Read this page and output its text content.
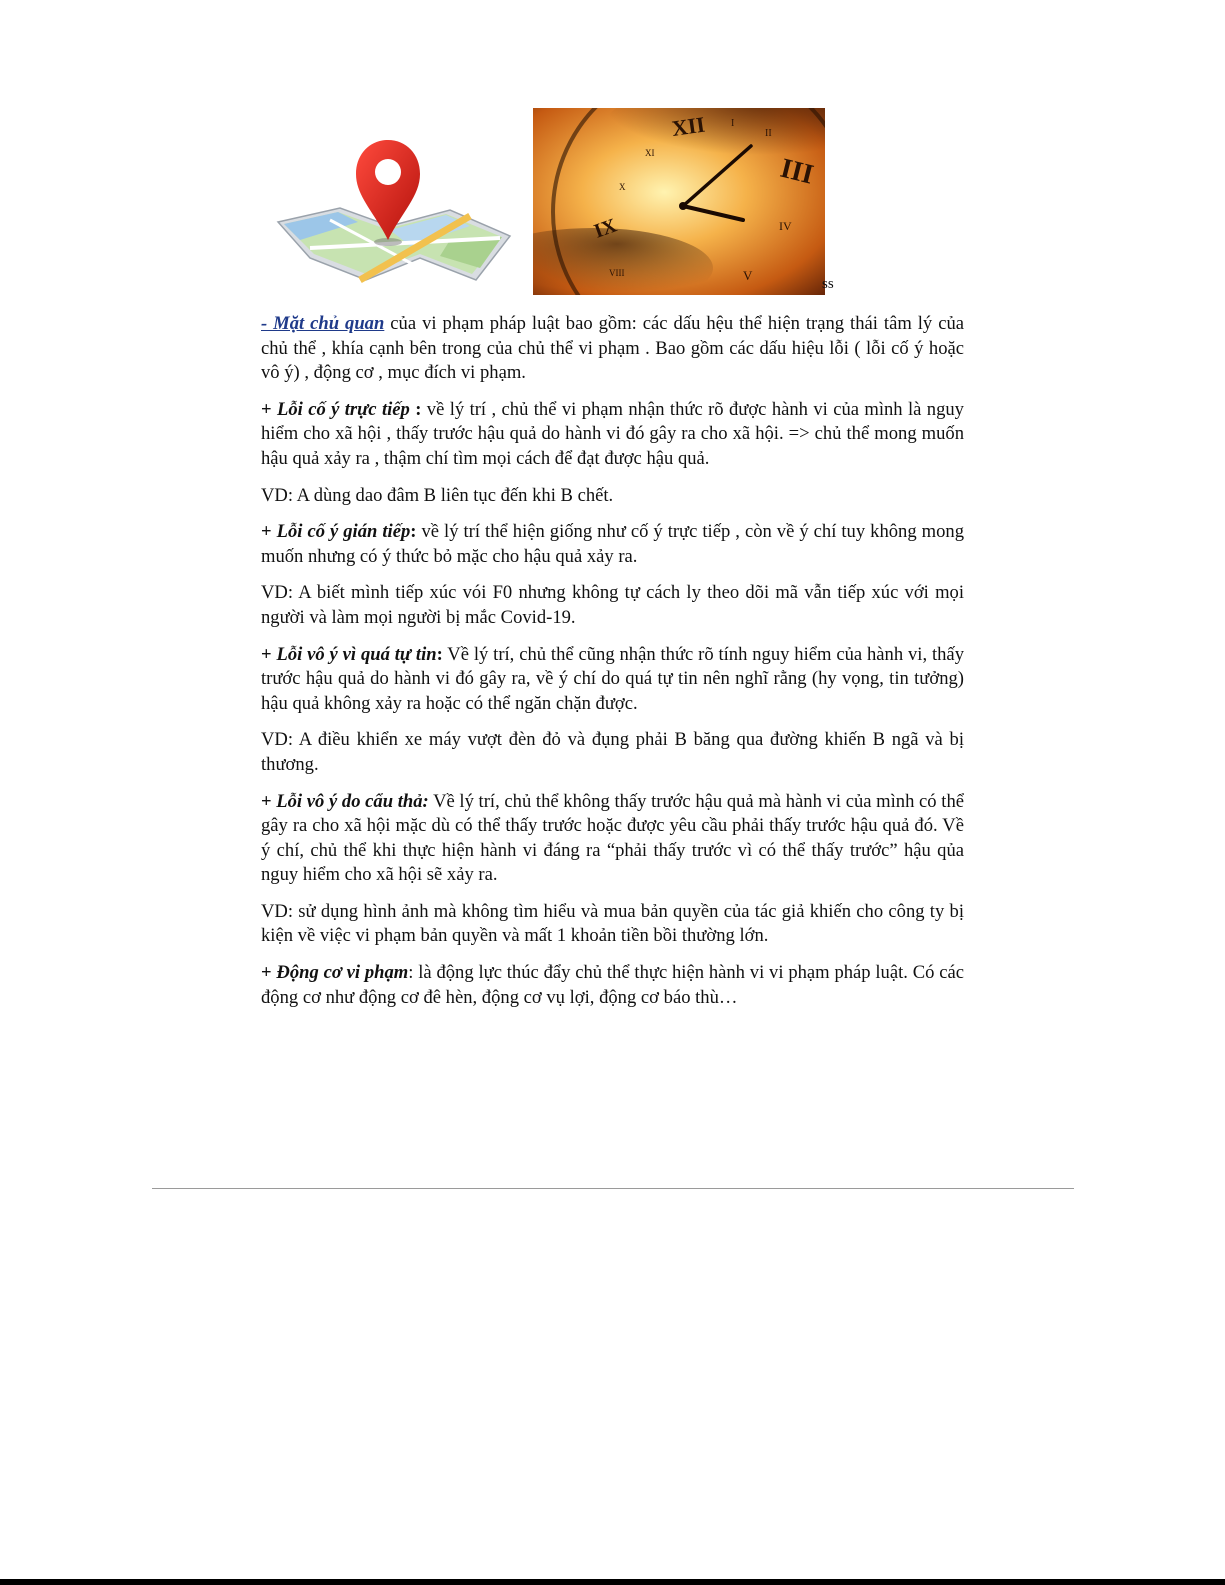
XII I
II
III
IV
V
VIII
IX
X
XI
ss

- Mặt chủ quan của vi phạm pháp luật bao gồm: các dấu hệu thể hiện trạng thái tâm lý của chủ thể , khía cạnh bên trong của chủ thể vi phạm . Bao gồm các dấu hiệu lỗi ( lỗi cố ý hoặc vô ý) , động cơ , mục đích vi phạm.

+ Lỗi cố ý trực tiếp : về lý trí , chủ thể vi phạm nhận thức rõ được hành vi của mình là nguy hiểm cho xã hội , thấy trước hậu quả do hành vi đó gây ra cho xã hội. => chủ thể mong muốn hậu quả xảy ra , thậm chí tìm mọi cách để đạt được hậu quả.

VD: A dùng dao đâm B liên tục đến khi B chết.

+ Lỗi cố ý gián tiếp: về lý trí thể hiện giống như cố ý trực tiếp , còn về ý chí tuy không mong muốn nhưng có ý thức bỏ mặc cho hậu quả xảy ra.

VD: A biết mình tiếp xúc vói F0 nhưng không tự cách ly theo dõi mã vẫn tiếp xúc với mọi người và làm mọi người bị mắc Covid-19.

+ Lỗi vô ý vì quá tự tin: Về lý trí, chủ thể cũng nhận thức rõ tính nguy hiểm của hành vi, thấy trước hậu quả do hành vi đó gây ra, về ý chí do quá tự tin nên nghĩ rằng (hy vọng, tin tưởng) hậu quả không xảy ra hoặc có thể ngăn chặn được.

VD: A điều khiển xe máy vượt đèn đỏ và đụng phải B băng qua đường khiến B ngã và bị thương.

+ Lỗi vô ý do cẩu thả: Về lý trí, chủ thể không thấy trước hậu quả mà hành vi của mình có thể gây ra cho xã hội mặc dù có thể thấy trước hoặc được yêu cầu phải thấy trước hậu quả đó. Về ý chí, chủ thể khi thực hiện hành vi đáng ra “phải thấy trước vì có thể thấy trước” hậu qủa nguy hiểm cho xã hội sẽ xảy ra.

VD: sử dụng hình ảnh mà không tìm hiểu và mua bản quyền của tác giả khiến cho công ty bị kiện về việc vi phạm bản quyền và mất 1 khoản tiền bồi thường lớn.

+ Động cơ vi phạm: là động lực thúc đẩy chủ thể thực hiện hành vi vi phạm pháp luật. Có các động cơ như động cơ đê hèn, động cơ vụ lợi, động cơ báo thù…
